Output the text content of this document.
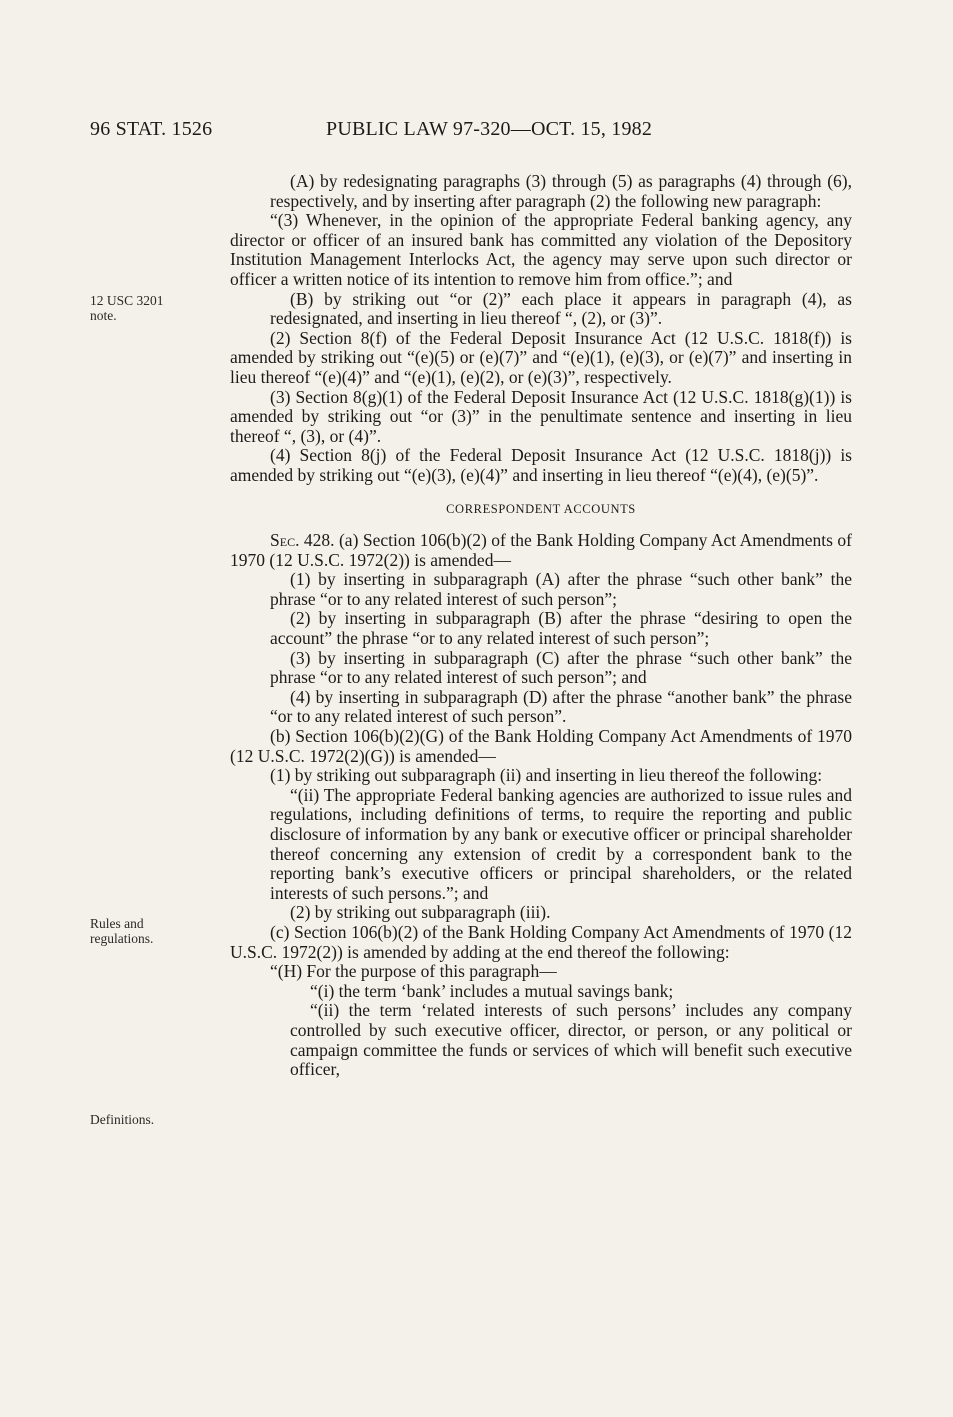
96 STAT. 1526	PUBLIC LAW 97-320—OCT. 15, 1982
12 USC 3201
note.
Rules and
regulations.
Definitions.

(A) by redesignating paragraphs (3) through (5) as paragraphs (4) through (6), respectively, and by inserting after paragraph (2) the following new paragraph:

“(3) Whenever, in the opinion of the appropriate Federal banking agency, any director or officer of an insured bank has committed any violation of the Depository Institution Management Interlocks Act, the agency may serve upon such director or officer a written notice of its intention to remove him from office.”; and

(B) by striking out “or (2)” each place it appears in paragraph (4), as redesignated, and inserting in lieu thereof “, (2), or (3)”.

(2) Section 8(f) of the Federal Deposit Insurance Act (12 U.S.C. 1818(f)) is amended by striking out “(e)(5) or (e)(7)” and “(e)(1), (e)(3), or (e)(7)” and inserting in lieu thereof “(e)(4)” and “(e)(1), (e)(2), or (e)(3)”, respectively.

(3) Section 8(g)(1) of the Federal Deposit Insurance Act (12 U.S.C. 1818(g)(1)) is amended by striking out “or (3)” in the penultimate sentence and inserting in lieu thereof “, (3), or (4)”.

(4) Section 8(j) of the Federal Deposit Insurance Act (12 U.S.C. 1818(j)) is amended by striking out “(e)(3), (e)(4)” and inserting in lieu thereof “(e)(4), (e)(5)”.

CORRESPONDENT ACCOUNTS

Sec. 428. (a) Section 106(b)(2) of the Bank Holding Company Act Amendments of 1970 (12 U.S.C. 1972(2)) is amended—

(1) by inserting in subparagraph (A) after the phrase “such other bank” the phrase “or to any related interest of such person”;

(2) by inserting in subparagraph (B) after the phrase “desiring to open the account” the phrase “or to any related interest of such person”;

(3) by inserting in subparagraph (C) after the phrase “such other bank” the phrase “or to any related interest of such person”; and

(4) by inserting in subparagraph (D) after the phrase “another bank” the phrase “or to any related interest of such person”.

(b) Section 106(b)(2)(G) of the Bank Holding Company Act Amendments of 1970 (12 U.S.C. 1972(2)(G)) is amended—

(1) by striking out subparagraph (ii) and inserting in lieu thereof the following:

“(ii) The appropriate Federal banking agencies are authorized to issue rules and regulations, including definitions of terms, to require the reporting and public disclosure of information by any bank or executive officer or principal shareholder thereof concerning any extension of credit by a correspondent bank to the reporting bank’s executive officers or principal shareholders, or the related interests of such persons.”; and

(2) by striking out subparagraph (iii).

(c) Section 106(b)(2) of the Bank Holding Company Act Amendments of 1970 (12 U.S.C. 1972(2)) is amended by adding at the end thereof the following:

“(H) For the purpose of this paragraph—

“(i) the term ‘bank’ includes a mutual savings bank;

“(ii) the term ‘related interests of such persons’ includes any company controlled by such executive officer, director, or person, or any political or campaign committee the funds or services of which will benefit such executive officer,
